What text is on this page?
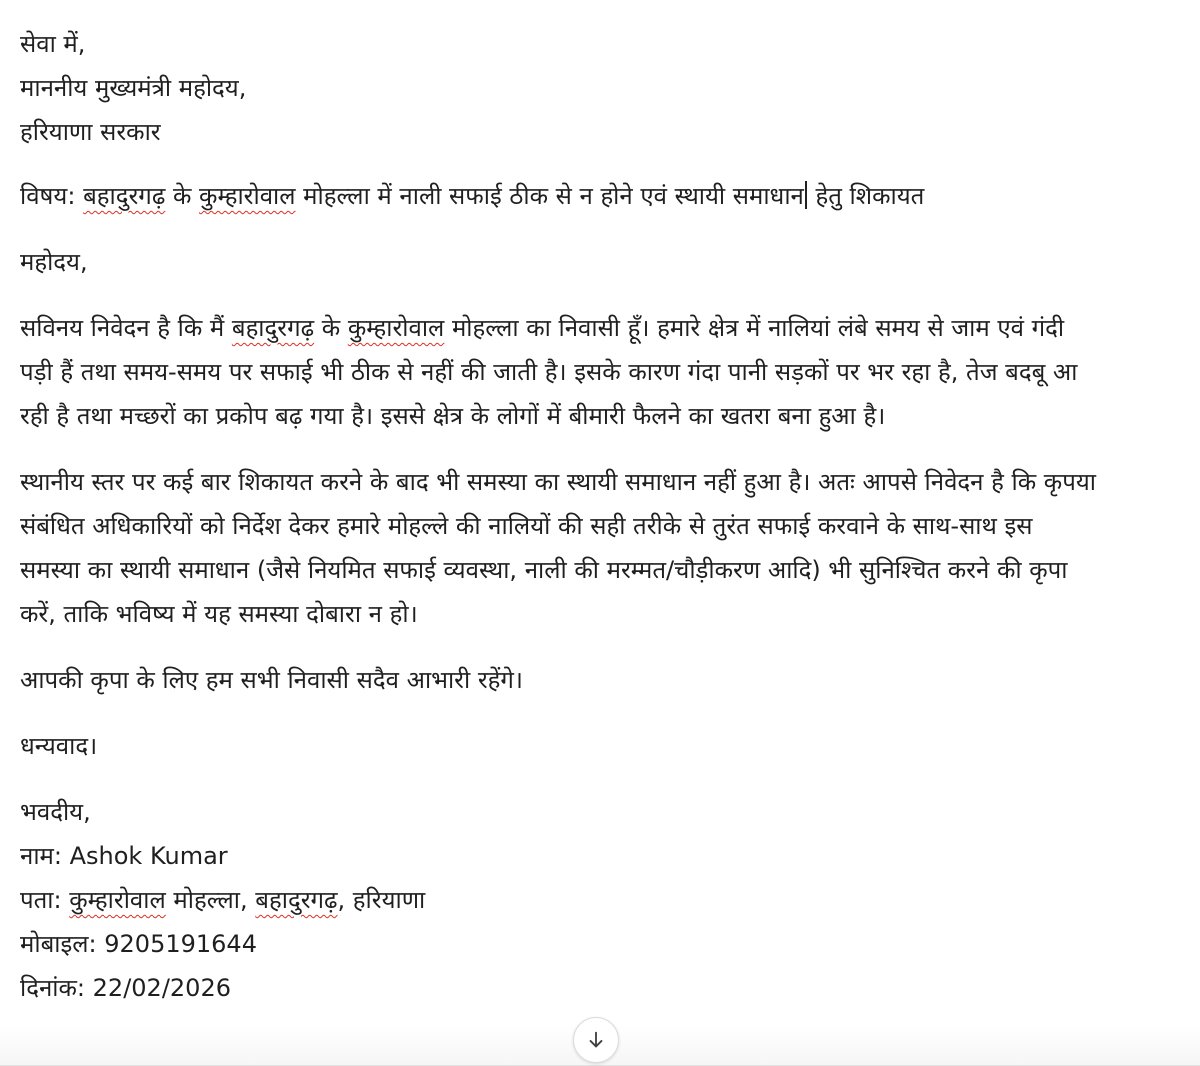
सेवा में,
माननीय मुख्यमंत्री महोदय,
हरियाणा सरकार
विषय: बहादुरगढ़ के कुम्हारोवाल मोहल्ला में नाली सफाई ठीक से न होने एवं स्थायी समाधान हेतु शिकायत
महोदय,
सविनय निवेदन है कि मैं बहादुरगढ़ के कुम्हारोवाल मोहल्ला का निवासी हूँ। हमारे क्षेत्र में नालियां लंबे समय से जाम एवं गंदी
पड़ी हैं तथा समय-समय पर सफाई भी ठीक से नहीं की जाती है। इसके कारण गंदा पानी सड़कों पर भर रहा है, तेज बदबू आ
रही है तथा मच्छरों का प्रकोप बढ़ गया है। इससे क्षेत्र के लोगों में बीमारी फैलने का खतरा बना हुआ है।
स्थानीय स्तर पर कई बार शिकायत करने के बाद भी समस्या का स्थायी समाधान नहीं हुआ है। अतः आपसे निवेदन है कि कृपया
संबंधित अधिकारियों को निर्देश देकर हमारे मोहल्ले की नालियों की सही तरीके से तुरंत सफाई करवाने के साथ-साथ इस
समस्या का स्थायी समाधान (जैसे नियमित सफाई व्यवस्था, नाली की मरम्मत/चौड़ीकरण आदि) भी सुनिश्चित करने की कृपा
करें, ताकि भविष्य में यह समस्या दोबारा न हो।
आपकी कृपा के लिए हम सभी निवासी सदैव आभारी रहेंगे।
धन्यवाद।
भवदीय,
नाम: Ashok Kumar
पता: कुम्हारोवाल मोहल्ला, बहादुरगढ़, हरियाणा
मोबाइल: 9205191644
दिनांक: 22/02/2026
